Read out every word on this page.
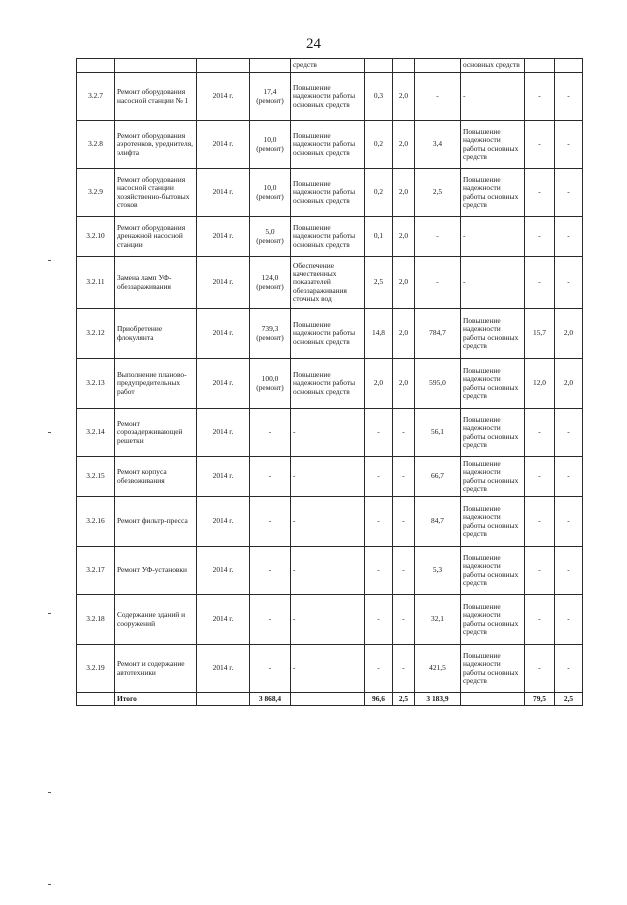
24
				средств				основных средств		
3.2.7	Ремонт оборудования насосной станции № 1	2014 г.	17,4 (ремонт)	Повышение надежности работы основных средств	0,3	2,0	-	-	-	-
3.2.8	Ремонт оборудования аэротенков, уреднителя, элифта	2014 г.	10,0 (ремонт)	Повышение надежности работы основных средств	0,2	2,0	3,4	Повышение надежности работы основных средств	-	-
3.2.9	Ремонт оборудования насосной станции хозяйственно-бытовых стоков	2014 г.	10,0 (ремонт)	Повышение надежности работы основных средств	0,2	2,0	2,5	Повышение надежности работы основных средств	-	-
3.2.10	Ремонт оборудования дренажной насосной станции	2014 г.	5,0 (ремонт)	Повышение надежности работы основных средств	0,1	2,0	-	-	-	-
3.2.11	Замена ламп УФ-обеззараживания	2014 г.	124,0 (ремонт)	Обеспечение качественных показателей обеззараживания сточных вод	2,5	2,0	-	-	-	-
3.2.12	Приобретение флокулянта	2014 г.	739,3 (ремонт)	Повышение надежности работы основных средств	14,8	2,0	784,7	Повышение надежности работы основных средств	15,7	2,0
3.2.13	Выполнение планово-предупредительных работ	2014 г.	100,0 (ремонт)	Повышение надежности работы основных средств	2,0	2,0	595,0	Повышение надежности работы основных средств	12,0	2,0
3.2.14	Ремонт сорозадерживающей решетки	2014 г.	-	-	-	-	56,1	Повышение надежности работы основных средств	-	-
3.2.15	Ремонт корпуса обезвоживания	2014 г.	-	-	-	-	66,7	Повышение надежности работы основных средств	-	-
3.2.16	Ремонт фильтр-пресса	2014 г.	-	-	-	-	84,7	Повышение надежности работы основных средств	-	-
3.2.17	Ремонт УФ-установки	2014 г.	-	-	-	-	5,3	Повышение надежности работы основных средств	-	-
3.2.18	Содержание зданий и сооружений	2014 г.	-	-	-	-	32,1	Повышение надежности работы основных средств	-	-
3.2.19	Ремонт и содержание автотехники	2014 г.	-	-	-	-	421,5	Повышение надежности работы основных средств	-	-
	Итого		3 868,4		96,6	2,5	3 183,9		79,5	2,5
